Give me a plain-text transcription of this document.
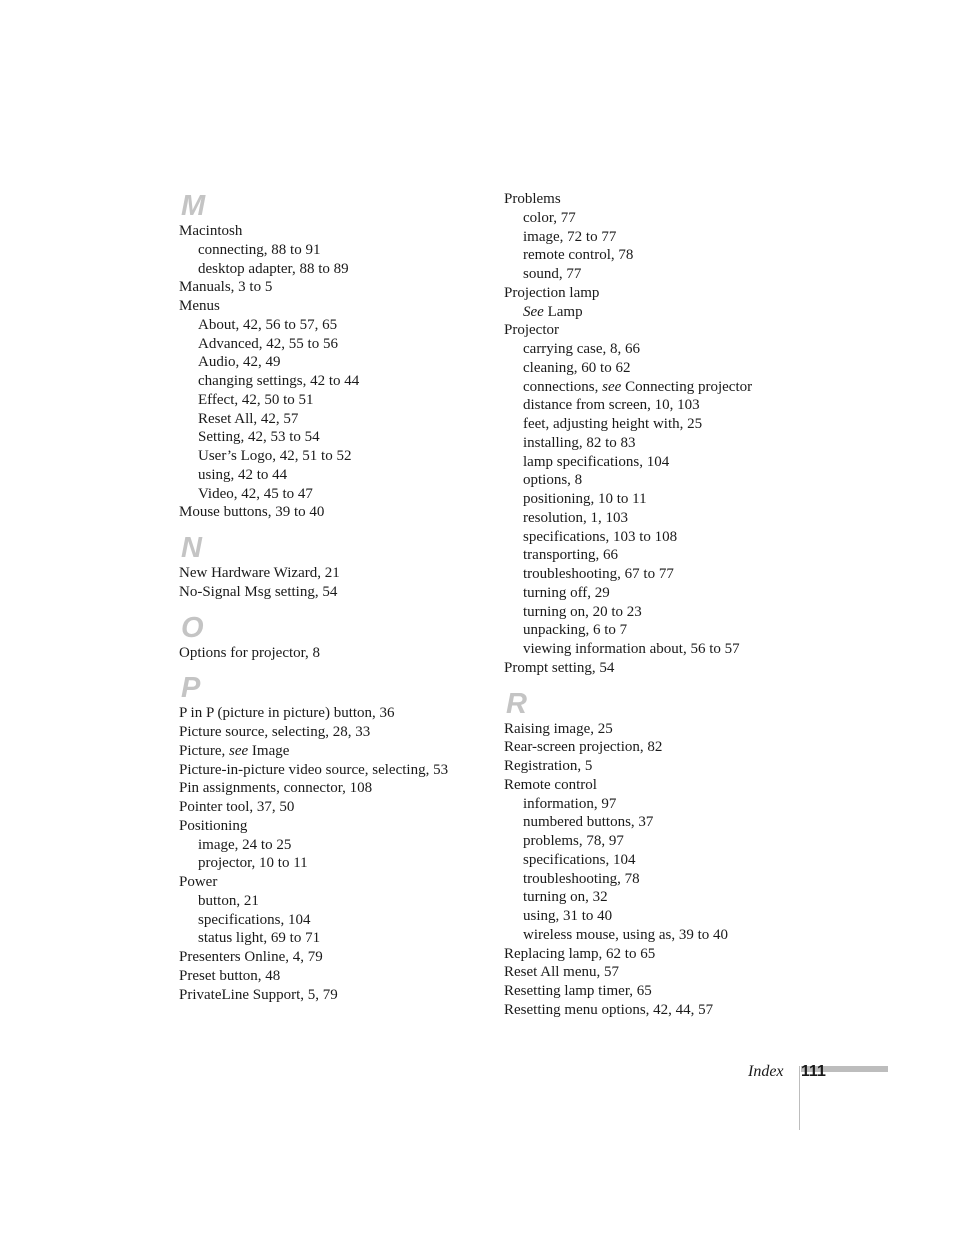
M
Macintosh
connecting, 88 to 91
desktop adapter, 88 to 89
Manuals, 3 to 5
Menus
About, 42, 56 to 57, 65
Advanced, 42, 55 to 56
Audio, 42, 49
changing settings, 42 to 44
Effect, 42, 50 to 51
Reset All, 42, 57
Setting, 42, 53 to 54
User’s Logo, 42, 51 to 52
using, 42 to 44
Video, 42, 45 to 47
Mouse buttons, 39 to 40
N
New Hardware Wizard, 21
No-Signal Msg setting, 54
O
Options for projector, 8
P
P in P (picture in picture) button, 36
Picture source, selecting, 28, 33
Picture, see Image
Picture-in-picture video source, selecting, 53
Pin assignments, connector, 108
Pointer tool, 37, 50
Positioning
image, 24 to 25
projector, 10 to 11
Power
button, 21
specifications, 104
status light, 69 to 71
Presenters Online, 4, 79
Preset button, 48
PrivateLine Support, 5, 79
Problems
color, 77
image, 72 to 77
remote control, 78
sound, 77
Projection lamp
See Lamp
Projector
carrying case, 8, 66
cleaning, 60 to 62
connections, see Connecting projector
distance from screen, 10, 103
feet, adjusting height with, 25
installing, 82 to 83
lamp specifications, 104
options, 8
positioning, 10 to 11
resolution, 1, 103
specifications, 103 to 108
transporting, 66
troubleshooting, 67 to 77
turning off, 29
turning on, 20 to 23
unpacking, 6 to 7
viewing information about, 56 to 57
Prompt setting, 54
R
Raising image, 25
Rear-screen projection, 82
Registration, 5
Remote control
information, 97
numbered buttons, 37
problems, 78, 97
specifications, 104
troubleshooting, 78
turning on, 32
using, 31 to 40
wireless mouse, using as, 39 to 40
Replacing lamp, 62 to 65
Reset All menu, 57
Resetting lamp timer, 65
Resetting menu options, 42, 44, 57
Index 111
